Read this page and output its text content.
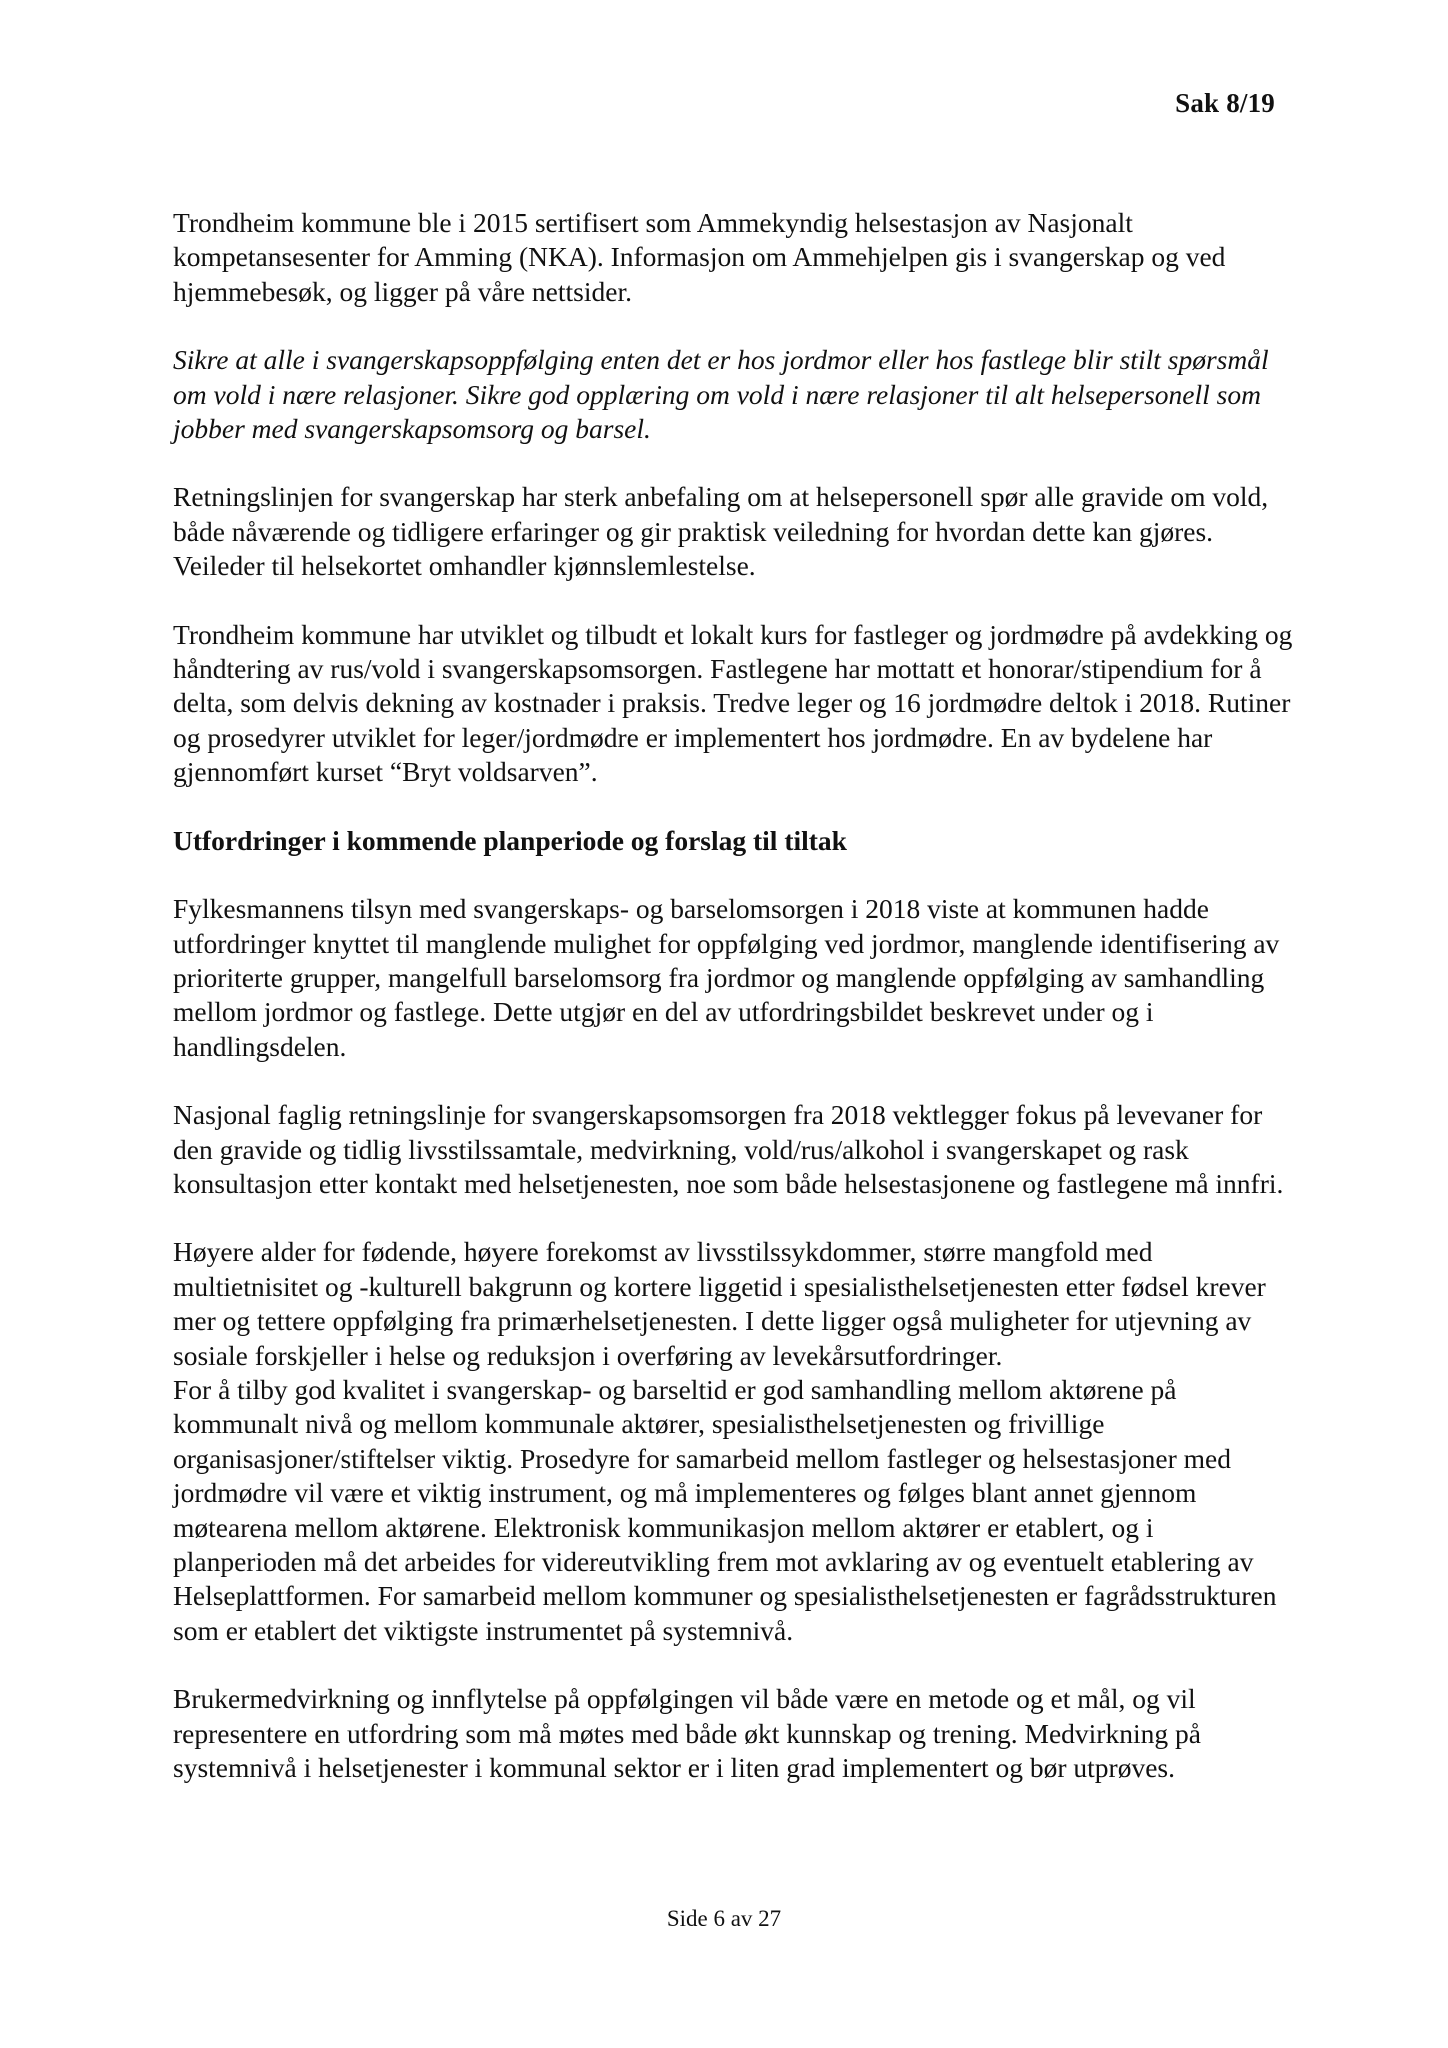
Sak 8/19

Trondheim kommune ble i 2015 sertifisert som Ammekyndig helsestasjon av Nasjonalt kompetansesenter for Amming (NKA). Informasjon om Ammehjelpen gis i svangerskap og ved hjemmebesøk, og ligger på våre nettsider.

Sikre at alle i svangerskapsoppfølging enten det er hos jordmor eller hos fastlege blir stilt spørsmål om vold i nære relasjoner. Sikre god opplæring om vold i nære relasjoner til alt helsepersonell som jobber med svangerskapsomsorg og barsel.

Retningslinjen for svangerskap har sterk anbefaling om at helsepersonell spør alle gravide om vold, både nåværende og tidligere erfaringer og gir praktisk veiledning for hvordan dette kan gjøres. Veileder til helsekortet omhandler kjønnslemlestelse.

Trondheim kommune har utviklet og tilbudt et lokalt kurs for fastleger og jordmødre på avdekking og håndtering av rus/vold i svangerskapsomsorgen. Fastlegene har mottatt et honorar/stipendium for å delta, som delvis dekning av kostnader i praksis. Tredve leger og 16 jordmødre deltok i 2018. Rutiner og prosedyrer utviklet for leger/jordmødre er implementert hos jordmødre. En av bydelene har gjennomført kurset “Bryt voldsarven”.

Utfordringer i kommende planperiode og forslag til tiltak

Fylkesmannens tilsyn med svangerskaps- og barselomsorgen i 2018 viste at kommunen hadde utfordringer knyttet til manglende mulighet for oppfølging ved jordmor, manglende identifisering av prioriterte grupper, mangelfull barselomsorg fra jordmor og manglende oppfølging av samhandling mellom jordmor og fastlege. Dette utgjør en del av utfordringsbildet beskrevet under og i handlingsdelen.

Nasjonal faglig retningslinje for svangerskapsomsorgen fra 2018 vektlegger fokus på levevaner for den gravide og tidlig livsstilssamtale, medvirkning, vold/rus/alkohol i svangerskapet og rask konsultasjon etter kontakt med helsetjenesten, noe som både helsestasjonene og fastlegene må innfri.

Høyere alder for fødende, høyere forekomst av livsstilssykdommer, større mangfold med multietnisitet og -kulturell bakgrunn og kortere liggetid i spesialisthelsetjenesten etter fødsel krever mer og tettere oppfølging fra primærhelsetjenesten. I dette ligger også muligheter for utjevning av sosiale forskjeller i helse og reduksjon i overføring av levekårsutfordringer.

For å tilby god kvalitet i svangerskap- og barseltid er god samhandling mellom aktørene på kommunalt nivå og mellom kommunale aktører, spesialisthelsetjenesten og frivillige organisasjoner/stiftelser viktig. Prosedyre for samarbeid mellom fastleger og helsestasjoner med jordmødre vil være et viktig instrument, og må implementeres og følges blant annet gjennom møtearena mellom aktørene. Elektronisk kommunikasjon mellom aktører er etablert, og i planperioden må det arbeides for videreutvikling frem mot avklaring av og eventuelt etablering av Helseplattformen. For samarbeid mellom kommuner og spesialisthelsetjenesten er fagrådsstrukturen som er etablert det viktigste instrumentet på systemnivå.

Brukermedvirkning og innflytelse på oppfølgingen vil både være en metode og et mål, og vil representere en utfordring som må møtes med både økt kunnskap og trening. Medvirkning på systemnivå i helsetjenester i kommunal sektor er i liten grad implementert og bør utprøves.

Side 6 av 27
